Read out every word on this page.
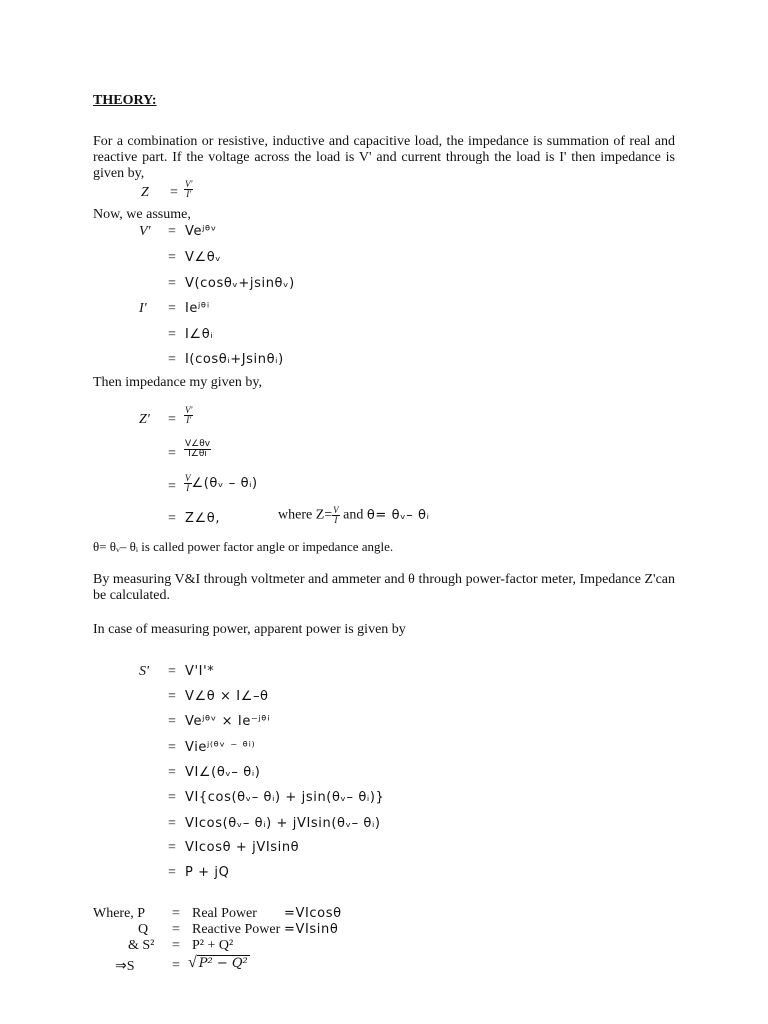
THEORY:
For a combination or resistive, inductive and capacitive load, the impedance is summation of real and reactive part. If the voltage across the load is V' and current through the load is I' then impedance is given by,
$Z = \frac{V'}{I'}$
Now, we assume,
V' = Veʲᶿᵛ
= V∠θᵥ
= V(cosθᵥ+jsinθᵥ)
I' = Ieʲᶿⁱ
= I∠θᵢ
= I(cosθᵢ+Jsinθᵢ)
Then impedance my given by,
$Z' = \frac{V'}{I'}$
= $\frac{V\angle\theta v}{I\angle\theta i}$
= $\frac{V}{I}$ ∠(θᵥ – θᵢ)
= Z∠θ,	where $Z= \frac{V}{I}$ and θ= θᵥ– θᵢ
θ= θᵥ– θᵢ is called power factor angle or impedance angle.
By measuring V&I through voltmeter and ammeter and θ through power-factor meter, Impedance Z'can be calculated.
In case of measuring power, apparent power is given by
S' = V'I'*
= V∠θ × I∠–θ
= Veʲᶿᵛ × Ie⁻ʲᶿⁱ
= Vieʲ⁽ᶿᵛ ⁻ ᶿⁱ⁾
= VI∠(θᵥ– θᵢ)
= VI{cos(θᵥ– θᵢ) + jsin(θᵥ– θᵢ)}
= VIcos(θᵥ– θᵢ) + jVIsin(θᵥ– θᵢ)
= VIcosθ + jVIsinθ
= P + jQ
Where, P = Real Power =VIcosθ
Q = Reactive Power =VIsinθ
& S² = P² + Q²
⇒S	= √ P² − Q²
